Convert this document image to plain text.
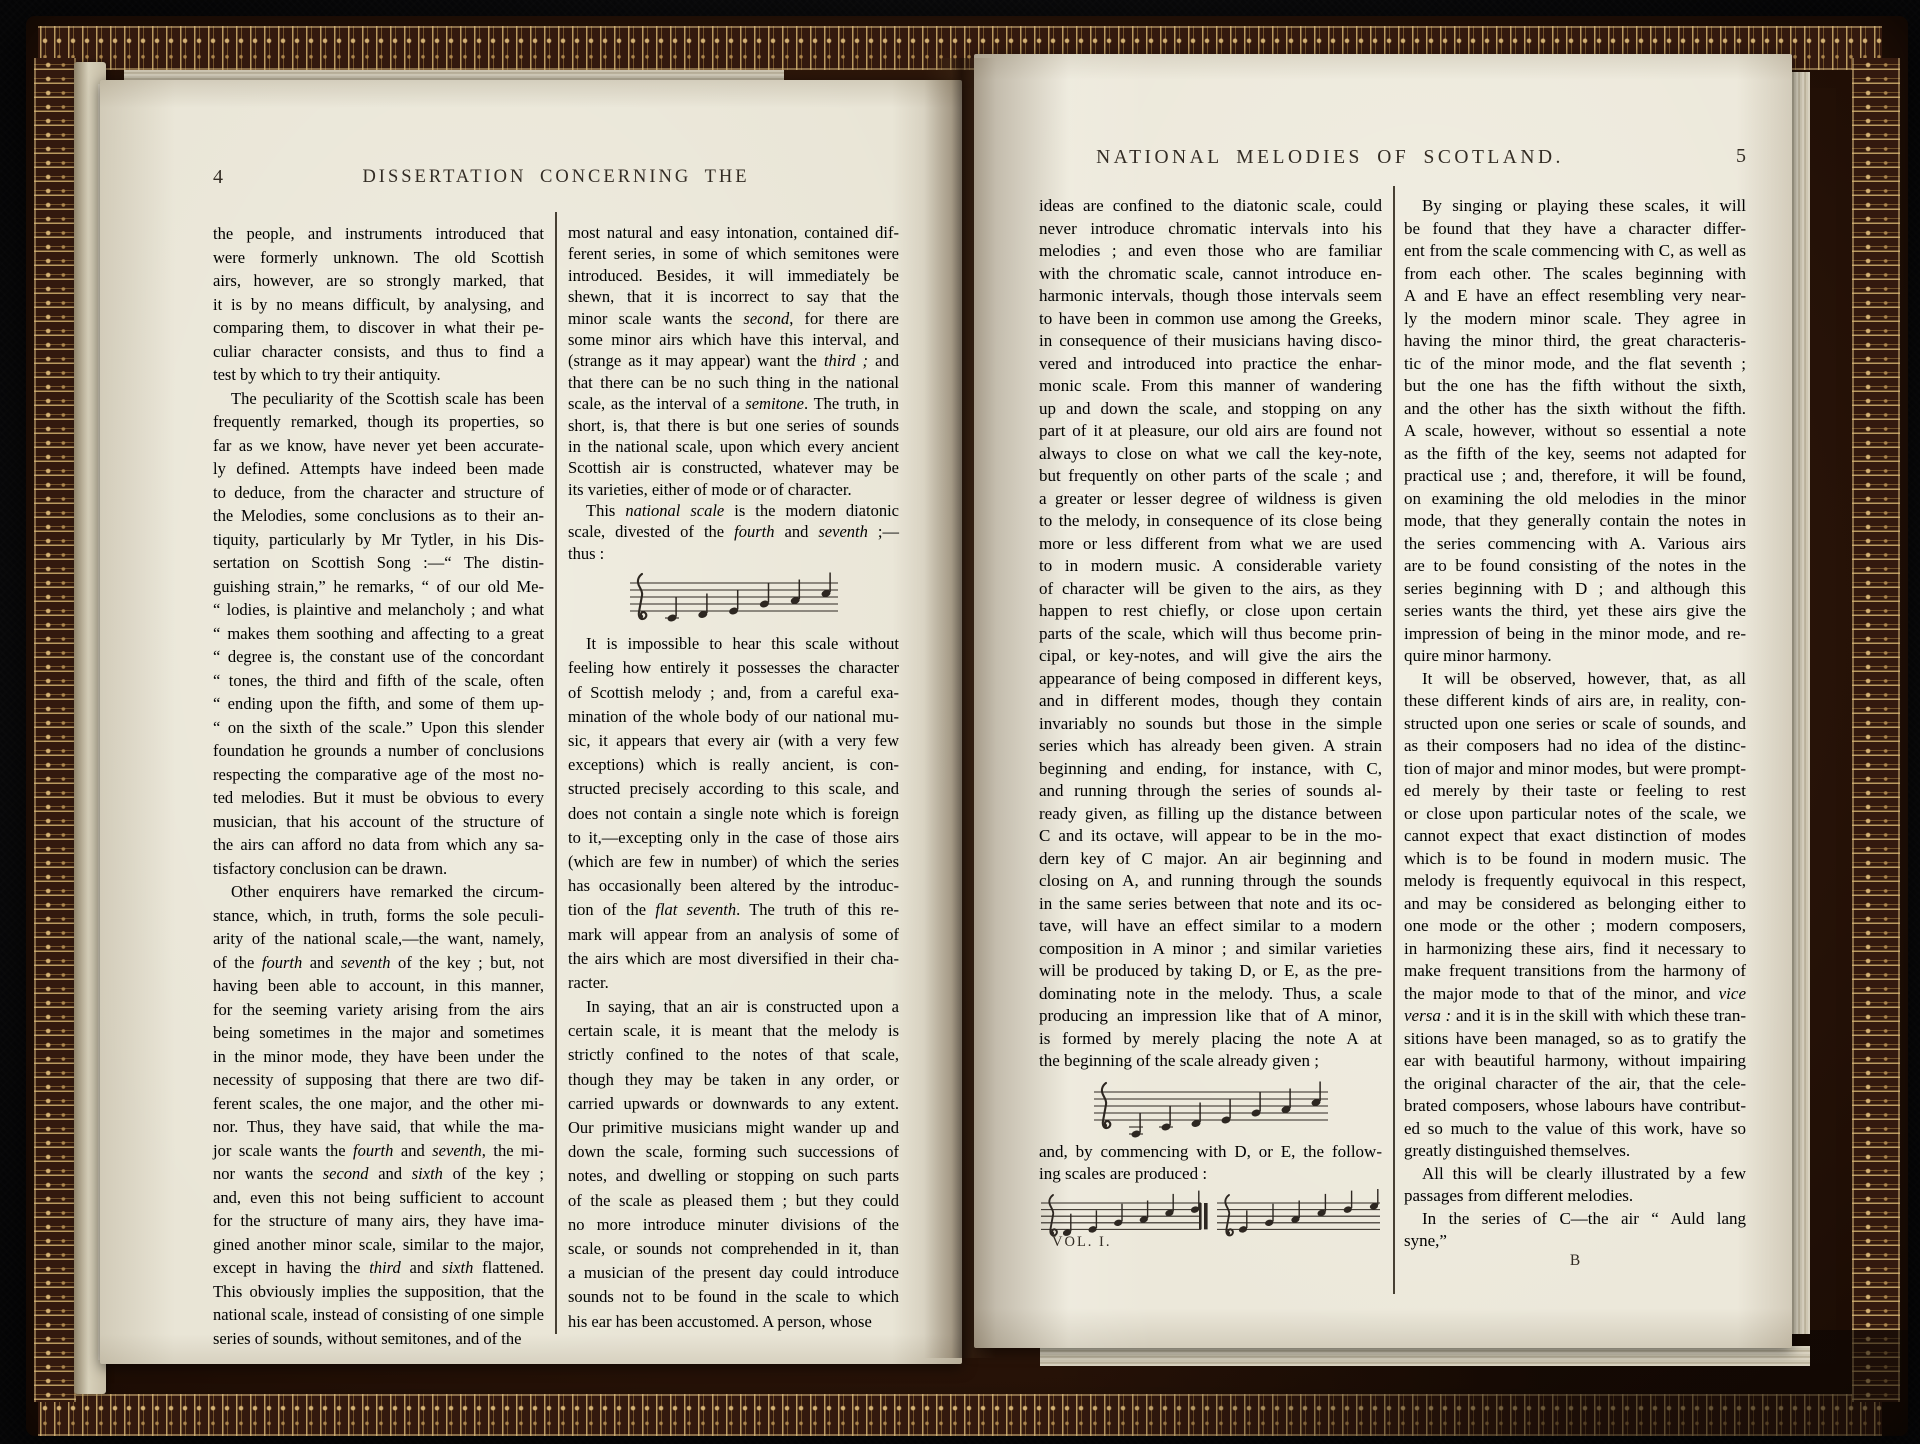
4	DISSERTATION CONCERNING THE
NATIONAL MELODIES OF SCOTLAND.	5
the people, and instruments introduced that
were formerly unknown. The old Scottish
airs, however, are so strongly marked, that
it is by no means difficult, by analysing, and
comparing them, to discover in what their pe-
culiar character consists, and thus to find a
test by which to try their antiquity.
The peculiarity of the Scottish scale has been
frequently remarked, though its properties, so
far as we know, have never yet been accurate-
ly defined. Attempts have indeed been made
to deduce, from the character and structure of
the Melodies, some conclusions as to their an-
tiquity, particularly by Mr Tytler, in his Dis-
sertation on Scottish Song :—“ The distin-
guishing strain,” he remarks, “ of our old Me-
“ lodies, is plaintive and melancholy ; and what
“ makes them soothing and affecting to a great
“ degree is, the constant use of the concordant
“ tones, the third and fifth of the scale, often
“ ending upon the fifth, and some of them up-
“ on the sixth of the scale.” Upon this slender
foundation he grounds a number of conclusions
respecting the comparative age of the most no-
ted melodies. But it must be obvious to every
musician, that his account of the structure of
the airs can afford no data from which any sa-
tisfactory conclusion can be drawn.
Other enquirers have remarked the circum-
stance, which, in truth, forms the sole peculi-
arity of the national scale,—the want, namely,
of the fourth and seventh of the key ; but, not
having been able to account, in this manner,
for the seeming variety arising from the airs
being sometimes in the major and sometimes
in the minor mode, they have been under the
necessity of supposing that there are two dif-
ferent scales, the one major, and the other mi-
nor. Thus, they have said, that while the ma-
jor scale wants the fourth and seventh, the mi-
nor wants the second and sixth of the key ;
and, even this not being sufficient to account
for the structure of many airs, they have ima-
gined another minor scale, similar to the major,
except in having the third and sixth flattened.
This obviously implies the supposition, that the
national scale, instead of consisting of one simple
series of sounds, without semitones, and of the
most natural and easy intonation, contained dif-
ferent series, in some of which semitones were
introduced. Besides, it will immediately be
shewn, that it is incorrect to say that the
minor scale wants the second, for there are
some minor airs which have this interval, and
(strange as it may appear) want the third ; and
that there can be no such thing in the national
scale, as the interval of a semitone. The truth, in
short, is, that there is but one series of sounds
in the national scale, upon which every ancient
Scottish air is constructed, whatever may be
its varieties, either of mode or of character.
This national scale is the modern diatonic
scale, divested of the fourth and seventh ;—
thus :
It is impossible to hear this scale without
feeling how entirely it possesses the character
of Scottish melody ; and, from a careful exa-
mination of the whole body of our national mu-
sic, it appears that every air (with a very few
exceptions) which is really ancient, is con-
structed precisely according to this scale, and
does not contain a single note which is foreign
to it,—excepting only in the case of those airs
(which are few in number) of which the series
has occasionally been altered by the introduc-
tion of the flat seventh. The truth of this re-
mark will appear from an analysis of some of
the airs which are most diversified in their cha-
racter.
In saying, that an air is constructed upon a
certain scale, it is meant that the melody is
strictly confined to the notes of that scale,
though they may be taken in any order, or
carried upwards or downwards to any extent.
Our primitive musicians might wander up and
down the scale, forming such successions of
notes, and dwelling or stopping on such parts
of the scale as pleased them ; but they could
no more introduce minuter divisions of the
scale, or sounds not comprehended in it, than
a musician of the present day could introduce
sounds not to be found in the scale to which
his ear has been accustomed. A person, whose
ideas are confined to the diatonic scale, could
never introduce chromatic intervals into his
melodies ; and even those who are familiar
with the chromatic scale, cannot introduce en-
harmonic intervals, though those intervals seem
to have been in common use among the Greeks,
in consequence of their musicians having disco-
vered and introduced into practice the enhar-
monic scale. From this manner of wandering
up and down the scale, and stopping on any
part of it at pleasure, our old airs are found not
always to close on what we call the key-note,
but frequently on other parts of the scale ; and
a greater or lesser degree of wildness is given
to the melody, in consequence of its close being
more or less different from what we are used
to in modern music. A considerable variety
of character will be given to the airs, as they
happen to rest chiefly, or close upon certain
parts of the scale, which will thus become prin-
cipal, or key-notes, and will give the airs the
appearance of being composed in different keys,
and in different modes, though they contain
invariably no sounds but those in the simple
series which has already been given. A strain
beginning and ending, for instance, with C,
and running through the series of sounds al-
ready given, as filling up the distance between
C and its octave, will appear to be in the mo-
dern key of C major. An air beginning and
closing on A, and running through the sounds
in the same series between that note and its oc-
tave, will have an effect similar to a modern
composition in A minor ; and similar varieties
will be produced by taking D, or E, as the pre-
dominating note in the melody. Thus, a scale
producing an impression like that of A minor,
is formed by merely placing the note A at
the beginning of the scale already given ;
and, by commencing with D, or E, the follow-
ing scales are produced :
By singing or playing these scales, it will
be found that they have a character differ-
ent from the scale commencing with C, as well as
from each other. The scales beginning with
A and E have an effect resembling very near-
ly the modern minor scale. They agree in
having the minor third, the great characteris-
tic of the minor mode, and the flat seventh ;
but the one has the fifth without the sixth,
and the other has the sixth without the fifth.
A scale, however, without so essential a note
as the fifth of the key, seems not adapted for
practical use ; and, therefore, it will be found,
on examining the old melodies in the minor
mode, that they generally contain the notes in
the series commencing with A. Various airs
are to be found consisting of the notes in the
series beginning with D ; and although this
series wants the third, yet these airs give the
impression of being in the minor mode, and re-
quire minor harmony.
It will be observed, however, that, as all
these different kinds of airs are, in reality, con-
structed upon one series or scale of sounds, and
as their composers had no idea of the distinc-
tion of major and minor modes, but were prompt-
ed merely by their taste or feeling to rest
or close upon particular notes of the scale, we
cannot expect that exact distinction of modes
which is to be found in modern music. The
melody is frequently equivocal in this respect,
and may be considered as belonging either to
one mode or the other ; modern composers,
in harmonizing these airs, find it necessary to
make frequent transitions from the harmony of
the major mode to that of the minor, and vice
versa : and it is in the skill with which these tran-
sitions have been managed, so as to gratify the
ear with beautiful harmony, without impairing
the original character of the air, that the cele-
brated composers, whose labours have contribut-
ed so much to the value of this work, have so
greatly distinguished themselves.
All this will be clearly illustrated by a few
passages from different melodies.
In the series of C—the air “ Auld lang
syne,”
VOL. I.
B
